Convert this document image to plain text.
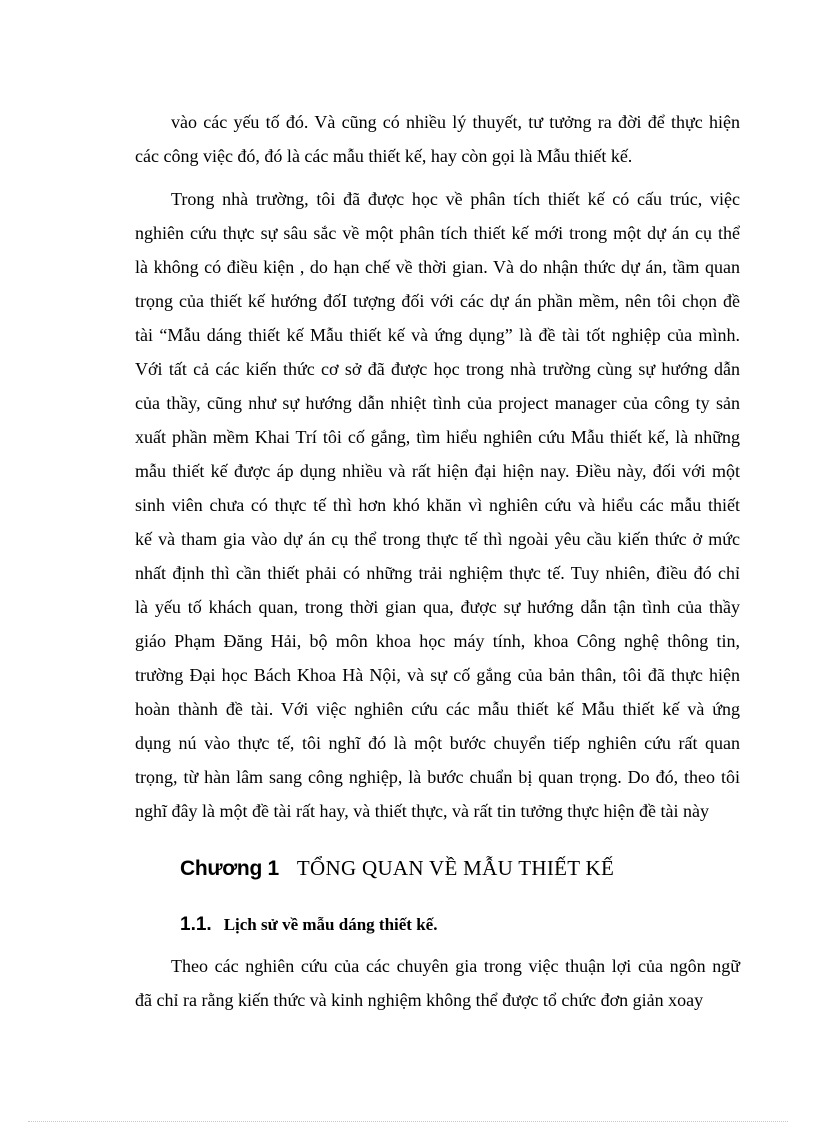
vào các yếu tố đó. Và cũng có nhiều lý thuyết, tư tưởng ra đời để thực hiện
các công việc đó, đó là các mẫu thiết kế, hay còn gọi là Mẫu thiết kế.
Trong nhà trường, tôi đã được học về phân tích thiết kế có cấu trúc, việc
nghiên cứu thực sự sâu sắc về một phân tích thiết kế mới trong một dự án cụ thể
là không có điều kiện , do hạn chế về thời gian. Và do nhận thức dự án, tầm quan
trọng của thiết kế hướng đốI tượng đối với các dự án phần mềm, nên tôi chọn đề
tài “Mẫu dáng thiết kế Mẫu thiết kế và ứng dụng” là đề tài tốt nghiệp của mình.
Với tất cả các kiến thức cơ sở đã được học trong nhà trường cùng sự hướng dẫn
của thầy, cũng như sự hướng dẫn nhiệt tình của project manager của công ty sản
xuất phần mềm Khai Trí tôi cố gắng, tìm hiểu nghiên cứu Mẫu thiết kế, là những
mẫu thiết kế được áp dụng nhiều và rất hiện đại hiện nay. Điều này, đối với một
sinh viên chưa có thực tế thì hơn khó khăn vì nghiên cứu và hiểu các mẫu thiết
kế và tham gia vào dự án cụ thể trong thực tế thì ngoài yêu cầu kiến thức ở mức
nhất định thì cần thiết phải có những trải nghiệm thực tế. Tuy nhiên, điều đó chỉ
là yếu tố khách quan, trong thời gian qua, được sự hướng dẫn tận tình của thầy
giáo Phạm Đăng Hải, bộ môn khoa học máy tính, khoa Công nghệ thông tin,
trường Đại học Bách Khoa Hà Nội, và sự cố gắng của bản thân, tôi đã thực hiện
hoàn thành đề tài. Với việc nghiên cứu các mẫu thiết kế Mẫu thiết kế và ứng
dụng nú vào thực tế, tôi nghĩ đó là một bước chuyển tiếp nghiên cứu rất quan
trọng, từ hàn lâm sang công nghiệp, là bước chuẩn bị quan trọng. Do đó, theo tôi
nghĩ đây là một đề tài rất hay, và thiết thực, và rất tin tưởng thực hiện đề tài này
Chương 1 TỔNG QUAN VỀ MẪU THIẾT KẾ
1.1. Lịch sử về mẫu dáng thiết kế.
Theo các nghiên cứu của các chuyên gia trong việc thuận lợi của ngôn ngữ
đã chỉ ra rằng kiến thức và kinh nghiệm không thể được tổ chức đơn giản xoay
